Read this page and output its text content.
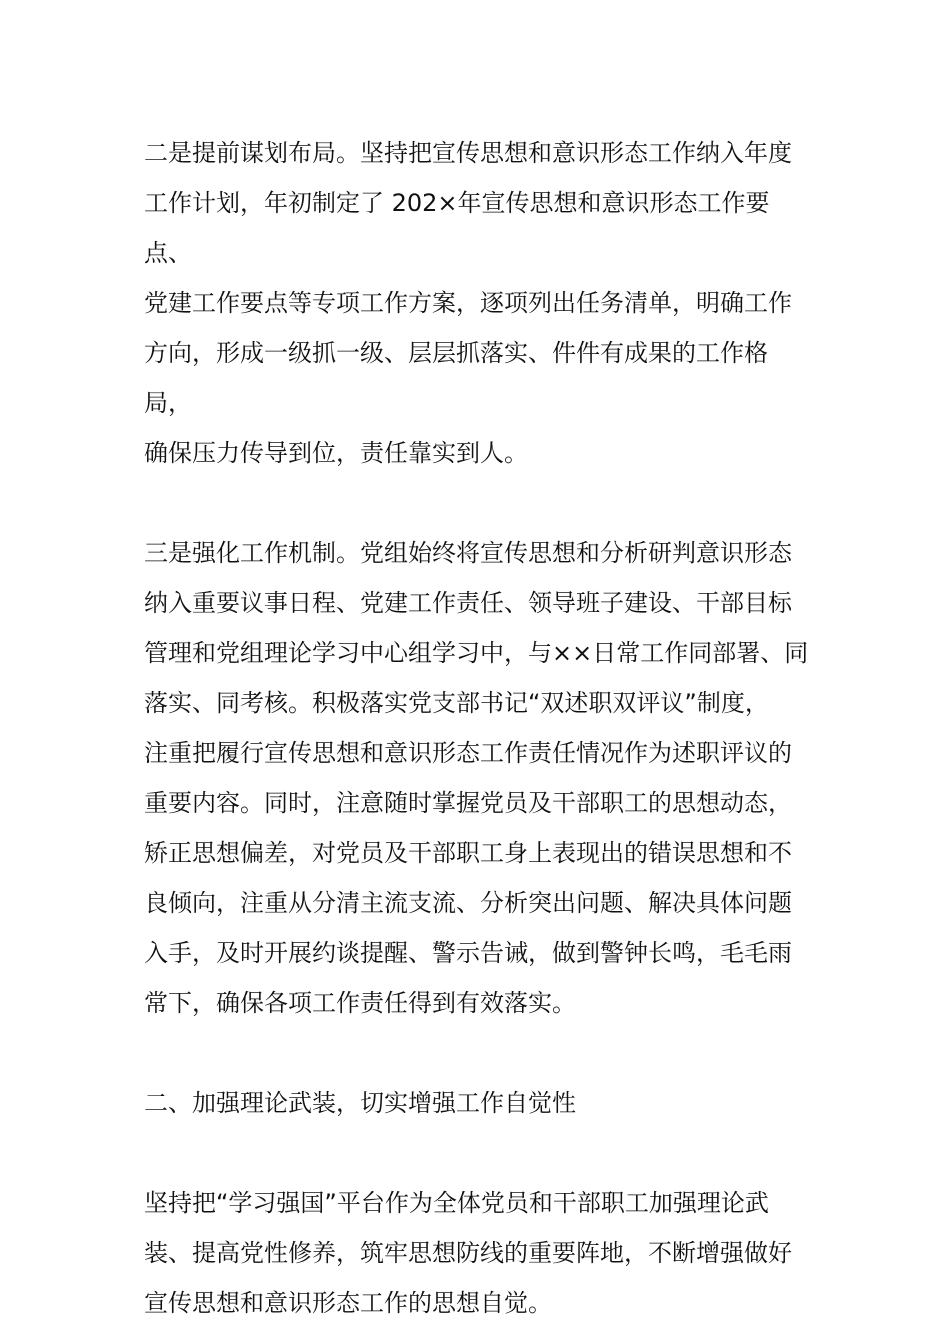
二是提前谋划布局。坚持把宣传思想和意识形态工作纳入年度
工作计划，年初制定了 202×年宣传思想和意识形态工作要点、
党建工作要点等专项工作方案，逐项列出任务清单，明确工作
方向，形成一级抓一级、层层抓落实、件件有成果的工作格局，
确保压力传导到位，责任靠实到人。
三是强化工作机制。党组始终将宣传思想和分析研判意识形态
纳入重要议事日程、党建工作责任、领导班子建设、干部目标
管理和党组理论学习中心组学习中，与××日常工作同部署、同
落实、同考核。积极落实党支部书记“双述职双评议”制度，
注重把履行宣传思想和意识形态工作责任情况作为述职评议的
重要内容。同时，注意随时掌握党员及干部职工的思想动态，
矫正思想偏差，对党员及干部职工身上表现出的错误思想和不
良倾向，注重从分清主流支流、分析突出问题、解决具体问题
入手，及时开展约谈提醒、警示告诫，做到警钟长鸣，毛毛雨
常下，确保各项工作责任得到有效落实。
二、加强理论武装，切实增强工作自觉性
坚持把“学习强国”平台作为全体党员和干部职工加强理论武
装、提高党性修养，筑牢思想防线的重要阵地，不断增强做好
宣传思想和意识形态工作的思想自觉。
